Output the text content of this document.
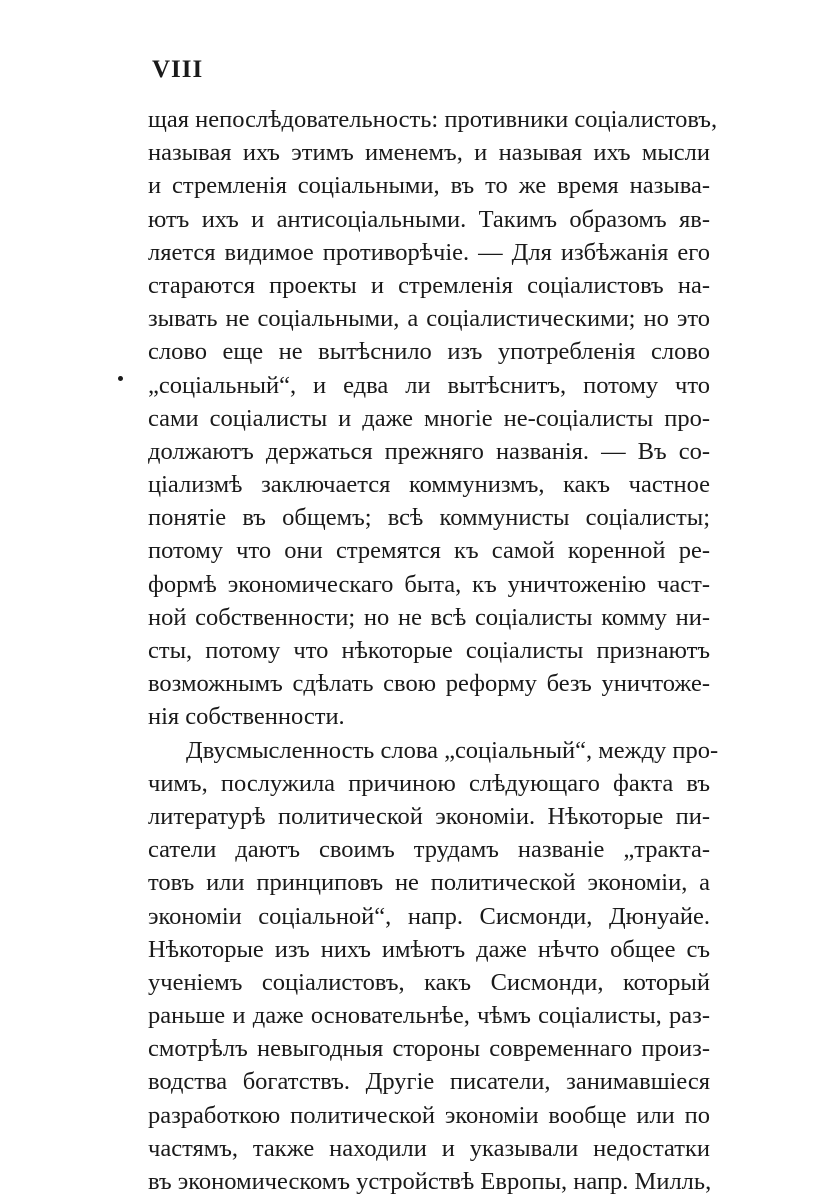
VIII
щая непослѣдовательность: противники соціалистовъ,
называя ихъ этимъ именемъ, и называя ихъ мысли
и стремленія соціальными, въ то же время называ-
ютъ ихъ и антисоціальными. Такимъ образомъ яв-
ляется видимое противорѣчіе. — Для избѣжанія его
стараются проекты и стремленія соціалистовъ на-
зывать не соціальными, а соціалистическими; но это
слово еще не вытѣснило изъ употребленія слово
„соціальный“, и едва ли вытѣснитъ, потому что
сами соціалисты и даже многіе не-соціалисты про-
должаютъ держаться прежняго названія. — Въ со-
ціализмѣ заключается коммунизмъ, какъ частное
понятіе въ общемъ; всѣ коммунисты соціалисты;
потому что они стремятся къ самой коренной ре-
формѣ экономическаго быта, къ уничтоженію част-
ной собственности; но не всѣ соціалисты комму ни-
сты, потому что нѣкоторые соціалисты признаютъ
возможнымъ сдѣлать свою реформу безъ уничтоже-
нія собственности.
Двусмысленность слова „соціальный“, между про-
чимъ, послужила причиною слѣдующаго факта въ
литературѣ политической экономіи. Нѣкоторые пи-
сатели даютъ своимъ трудамъ названіе „тракта-
товъ или принциповъ не политической экономіи, а
экономіи соціальной“, напр. Сисмонди, Дюнуайе.
Нѣкоторые изъ нихъ имѣютъ даже нѣчто общее съ
ученіемъ соціалистовъ, какъ Сисмонди, который
раньше и даже основательнѣе, чѣмъ соціалисты, раз-
смотрѣлъ невыгодныя стороны современнаго произ-
водства богатствъ. Другіе писатели, занимавшіеся
разработкою политической экономіи вообще или по
частямъ, также находили и указывали недостатки
въ экономическомъ устройствѣ Европы, напр. Милль,
